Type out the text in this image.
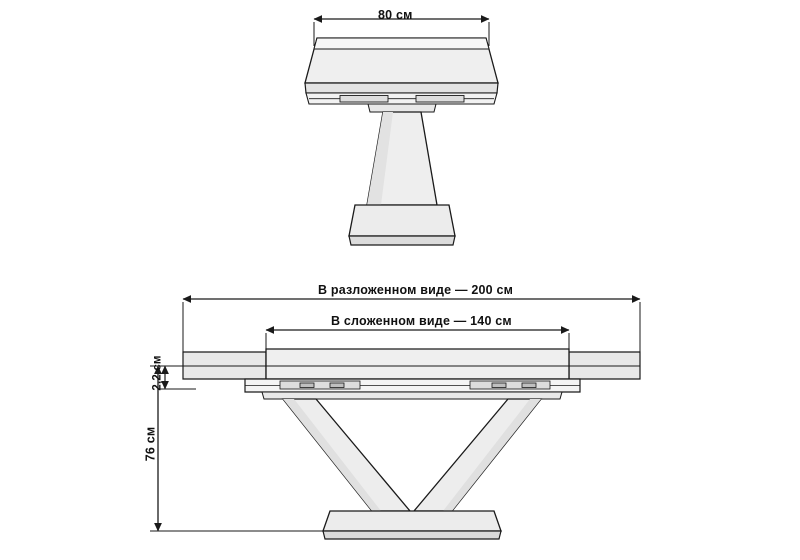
80 см
В разложенном виде — 200 см
В сложенном виде — 140 см
2,2 см
76 см
